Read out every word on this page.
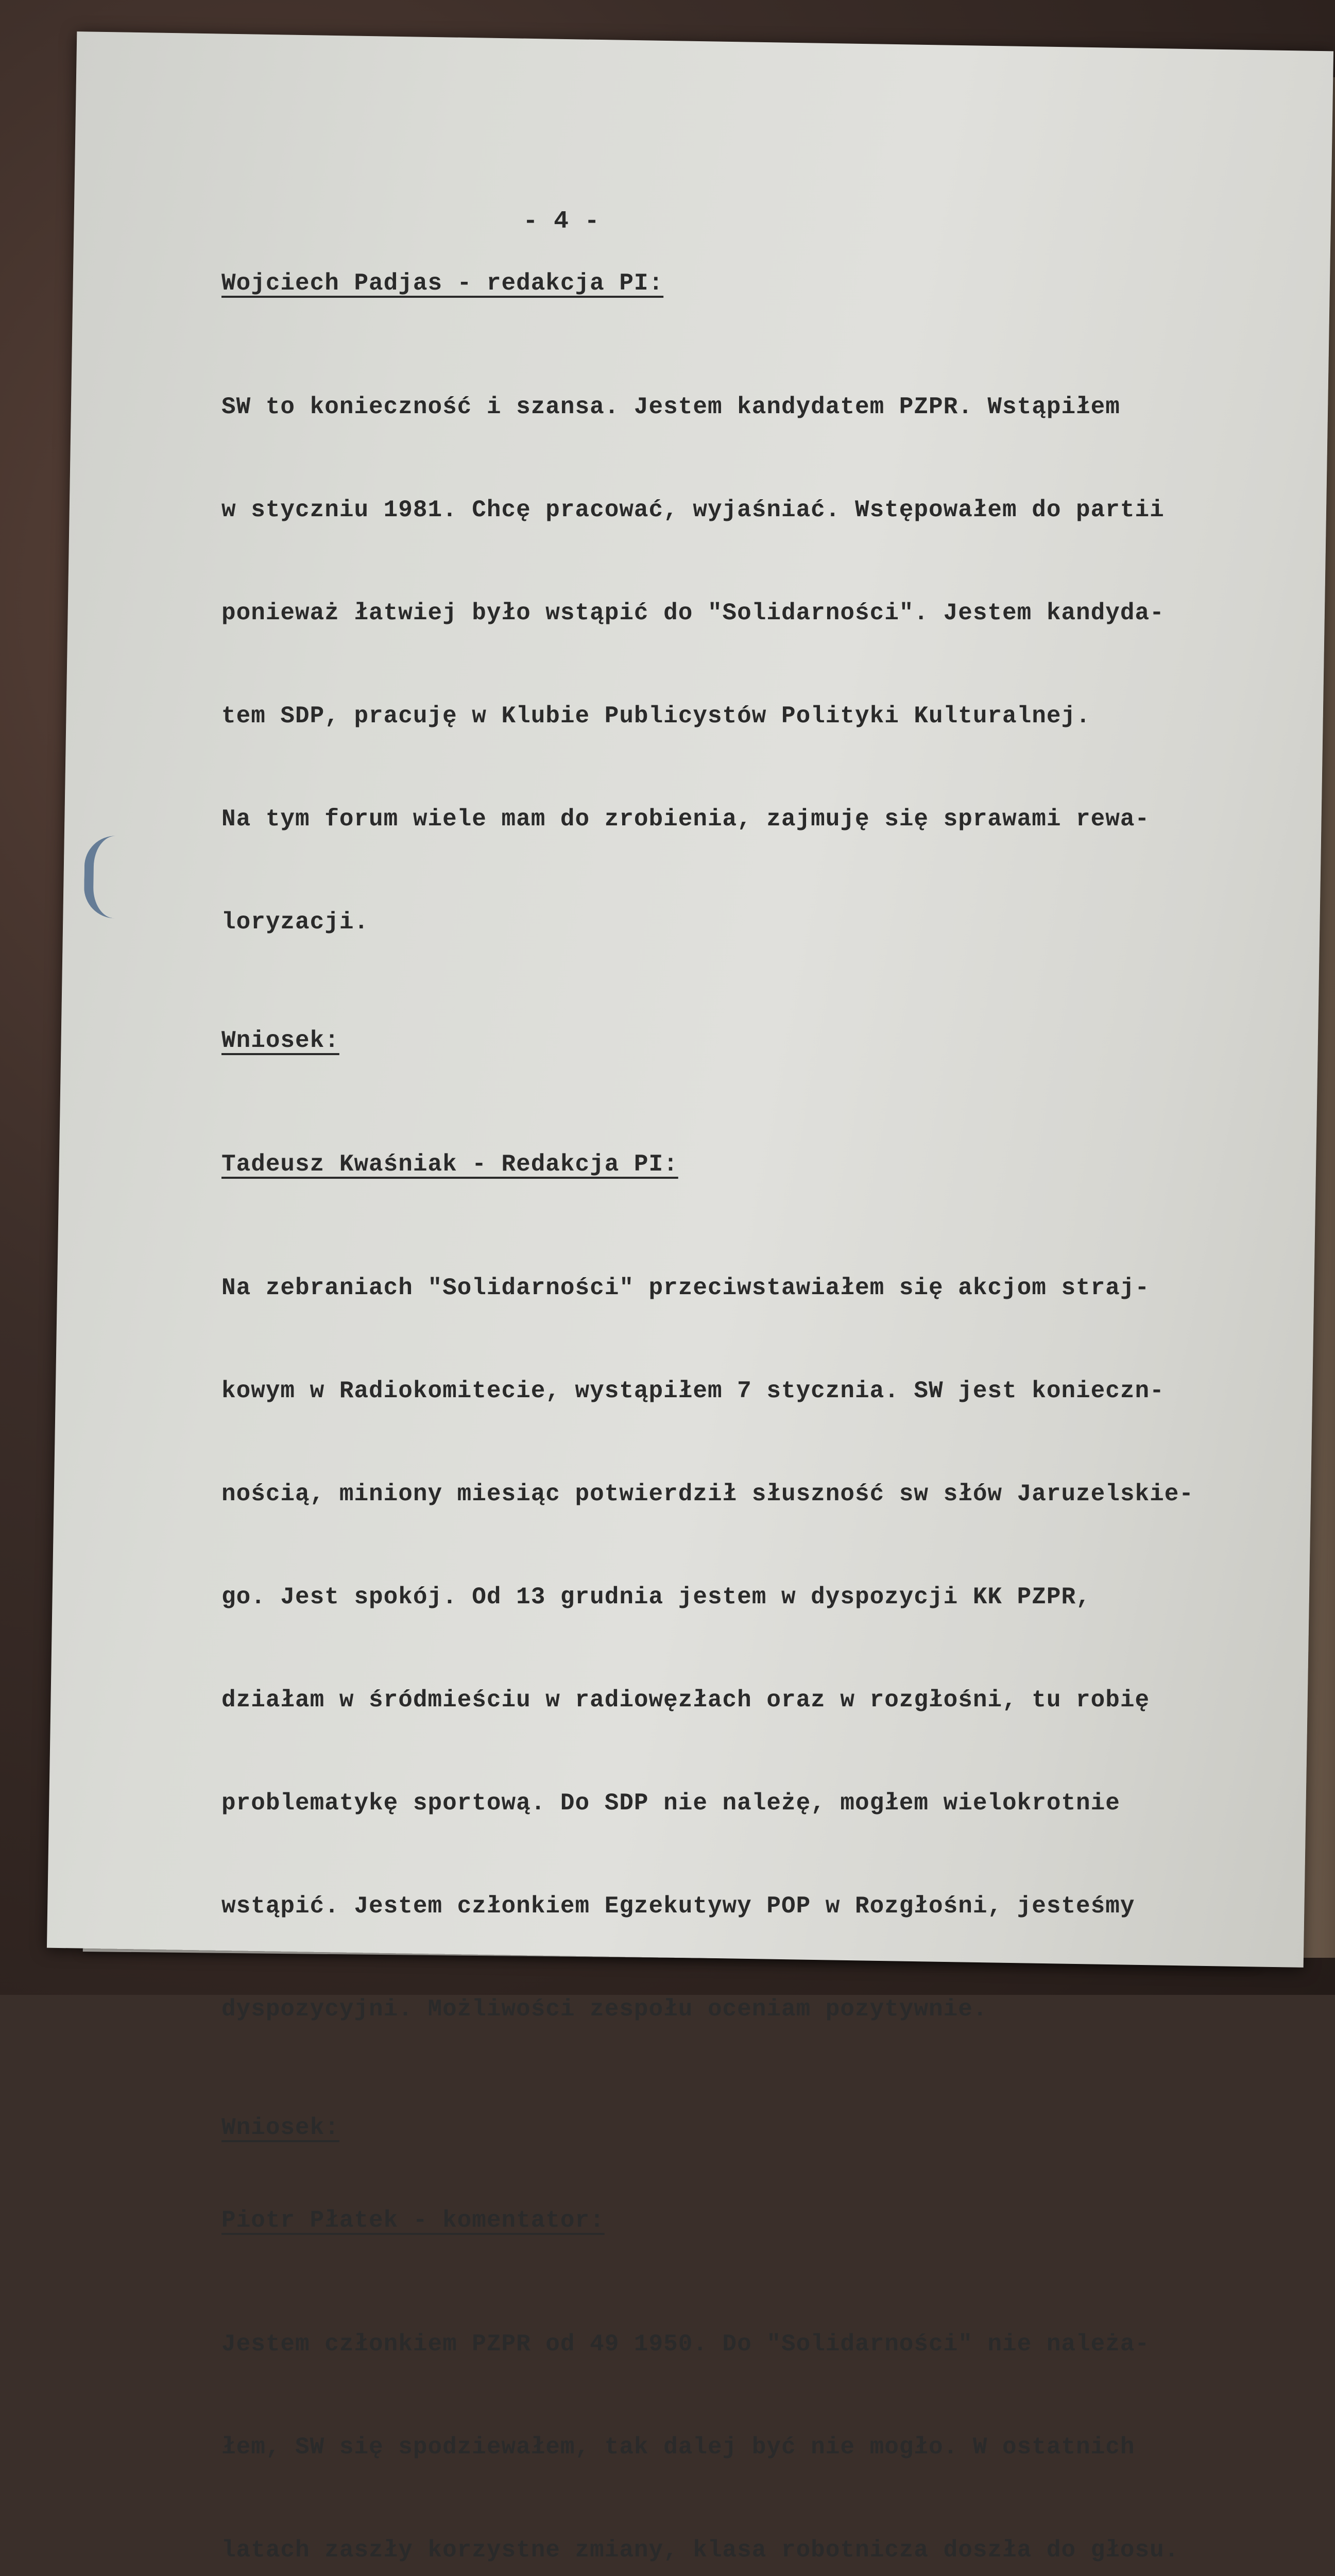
- 4 -
Wojciech Padjas - redakcja PI:

SW to konieczność i szansa. Jestem kandydatem PZPR. Wstąpiłem

w styczniu 1981. Chcę pracować, wyjaśniać. Wstępowałem do partii

ponieważ łatwiej było wstąpić do "Solidarności". Jestem kandyda-

tem SDP, pracuję w Klubie Publicystów Polityki Kulturalnej.

Na tym forum wiele mam do zrobienia, zajmuję się sprawami rewa-

loryzacji.

Wniosek:
Tadeusz Kwaśniak - Redakcja PI:

Na zebraniach "Solidarności" przeciwstawiałem się akcjom straj-

kowym w Radiokomitecie, wystąpiłem 7 stycznia. SW jest konieczn-

nością, miniony miesiąc potwierdził słuszność sw słów Jaruzelskie-

go. Jest spokój. Od 13 grudnia jestem w dyspozycji KK PZPR,

działam w śródmieściu w radiowęzłach oraz w rozgłośni, tu robię

problematykę sportową. Do SDP nie należę, mogłem wielokrotnie

wstąpić. Jestem członkiem Egzekutywy POP w Rozgłośni, jesteśmy

dyspozycyjni. Możliwości zespołu oceniam pozytywnie.

Wniosek:
Piotr Płatek - komentator:

Jestem członkiem PZPR od 49 1950. Do "Solidarności" nie należa-

łem, SW się spodziewałem, tak dalej być nie mogło. W ostatnich

latach zaszły korzystne zmiany, klasa robotnicza doszła do głosu.
